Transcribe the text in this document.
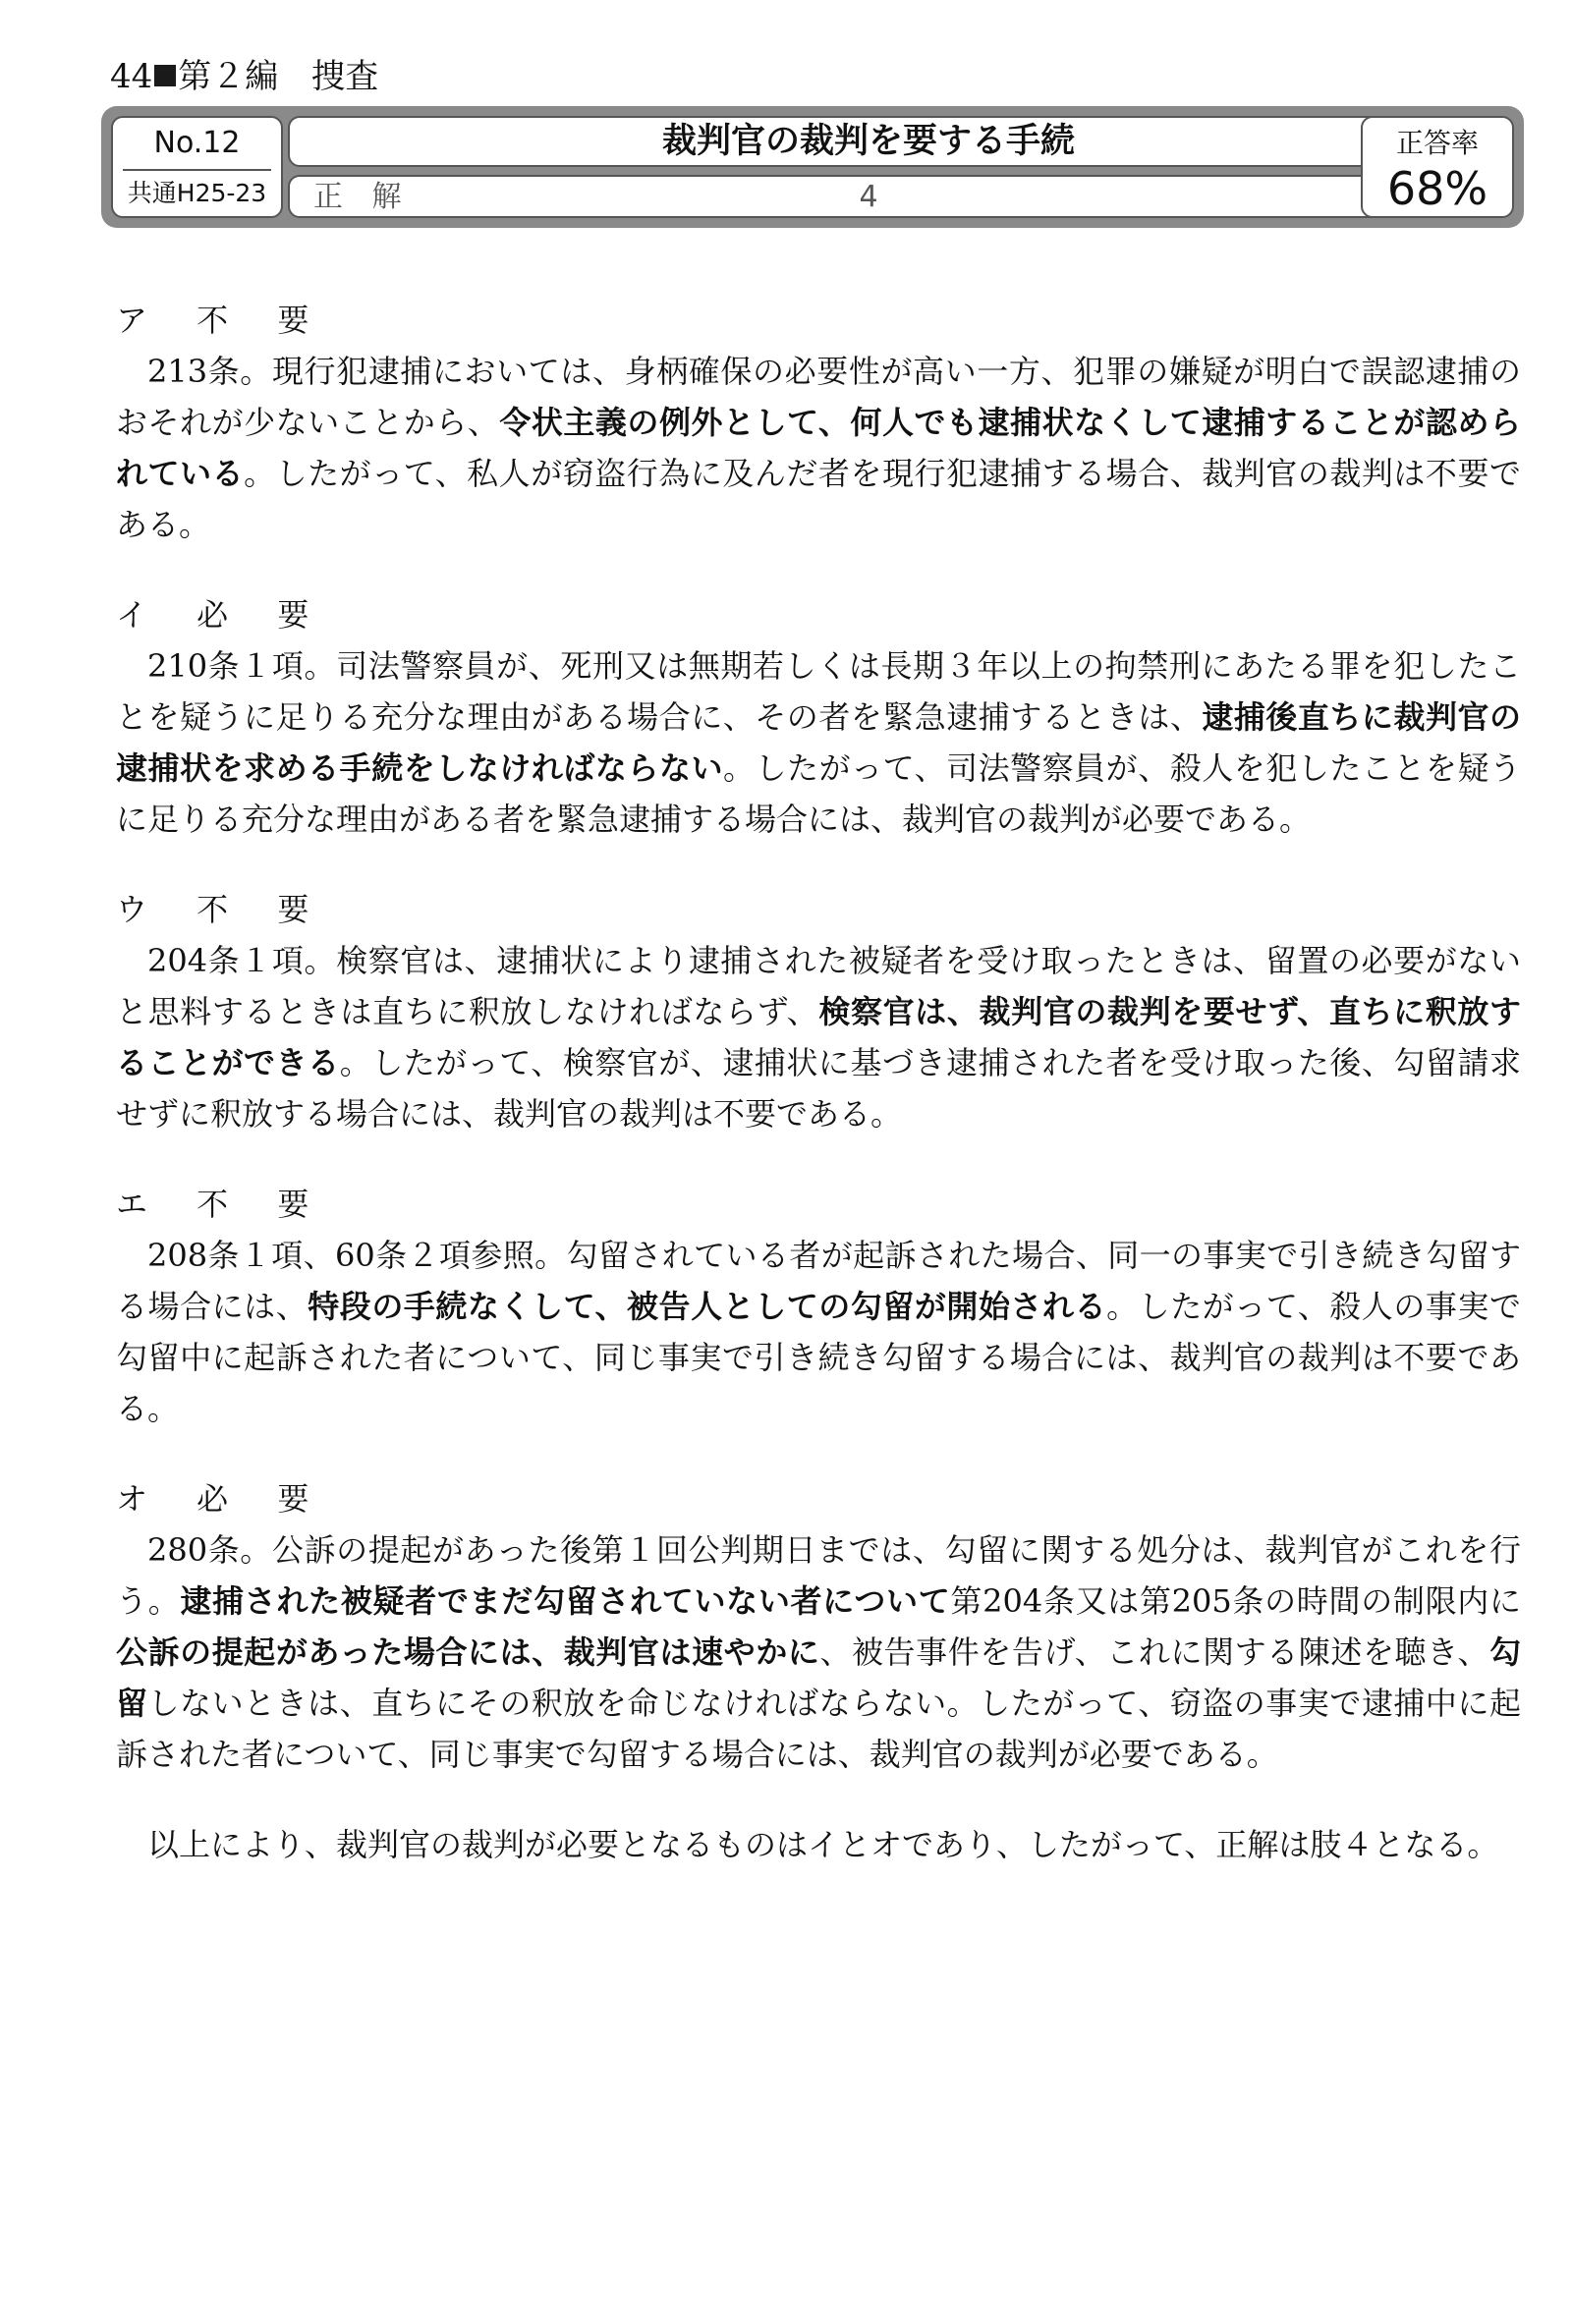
44 第２編 捜査
No.12
共通H25-23
裁判官の裁判を要する手続
正 解	4
正答率
68%
ア 不 要
213条。現行犯逮捕においては、身柄確保の必要性が高い一方、犯罪の嫌疑が明白で誤認逮捕のおそれが少ないことから、令状主義の例外として、何人でも逮捕状なくして逮捕することが認められている。したがって、私人が窃盗行為に及んだ者を現行犯逮捕する場合、裁判官の裁判は不要である。
イ 必 要
210条１項。司法警察員が、死刑又は無期若しくは長期３年以上の拘禁刑にあたる罪を犯したことを疑うに足りる充分な理由がある場合に、その者を緊急逮捕するときは、逮捕後直ちに裁判官の逮捕状を求める手続をしなければならない。したがって、司法警察員が、殺人を犯したことを疑うに足りる充分な理由がある者を緊急逮捕する場合には、裁判官の裁判が必要である。
ウ 不 要
204条１項。検察官は、逮捕状により逮捕された被疑者を受け取ったときは、留置の必要がないと思料するときは直ちに釈放しなければならず、検察官は、裁判官の裁判を要せず、直ちに釈放することができる。したがって、検察官が、逮捕状に基づき逮捕された者を受け取った後、勾留請求せずに釈放する場合には、裁判官の裁判は不要である。
エ 不 要
208条１項、60条２項参照。勾留されている者が起訴された場合、同一の事実で引き続き勾留する場合には、特段の手続なくして、被告人としての勾留が開始される。したがって、殺人の事実で勾留中に起訴された者について、同じ事実で引き続き勾留する場合には、裁判官の裁判は不要である。
オ 必 要
280条。公訴の提起があった後第１回公判期日までは、勾留に関する処分は、裁判官がこれを行う。逮捕された被疑者でまだ勾留されていない者について第204条又は第205条の時間の制限内に公訴の提起があった場合には、裁判官は速やかに、被告事件を告げ、これに関する陳述を聴き、勾留しないときは、直ちにその釈放を命じなければならない。したがって、窃盗の事実で逮捕中に起訴された者について、同じ事実で勾留する場合には、裁判官の裁判が必要である。
以上により、裁判官の裁判が必要となるものはイとオであり、したがって、正解は肢４となる。
